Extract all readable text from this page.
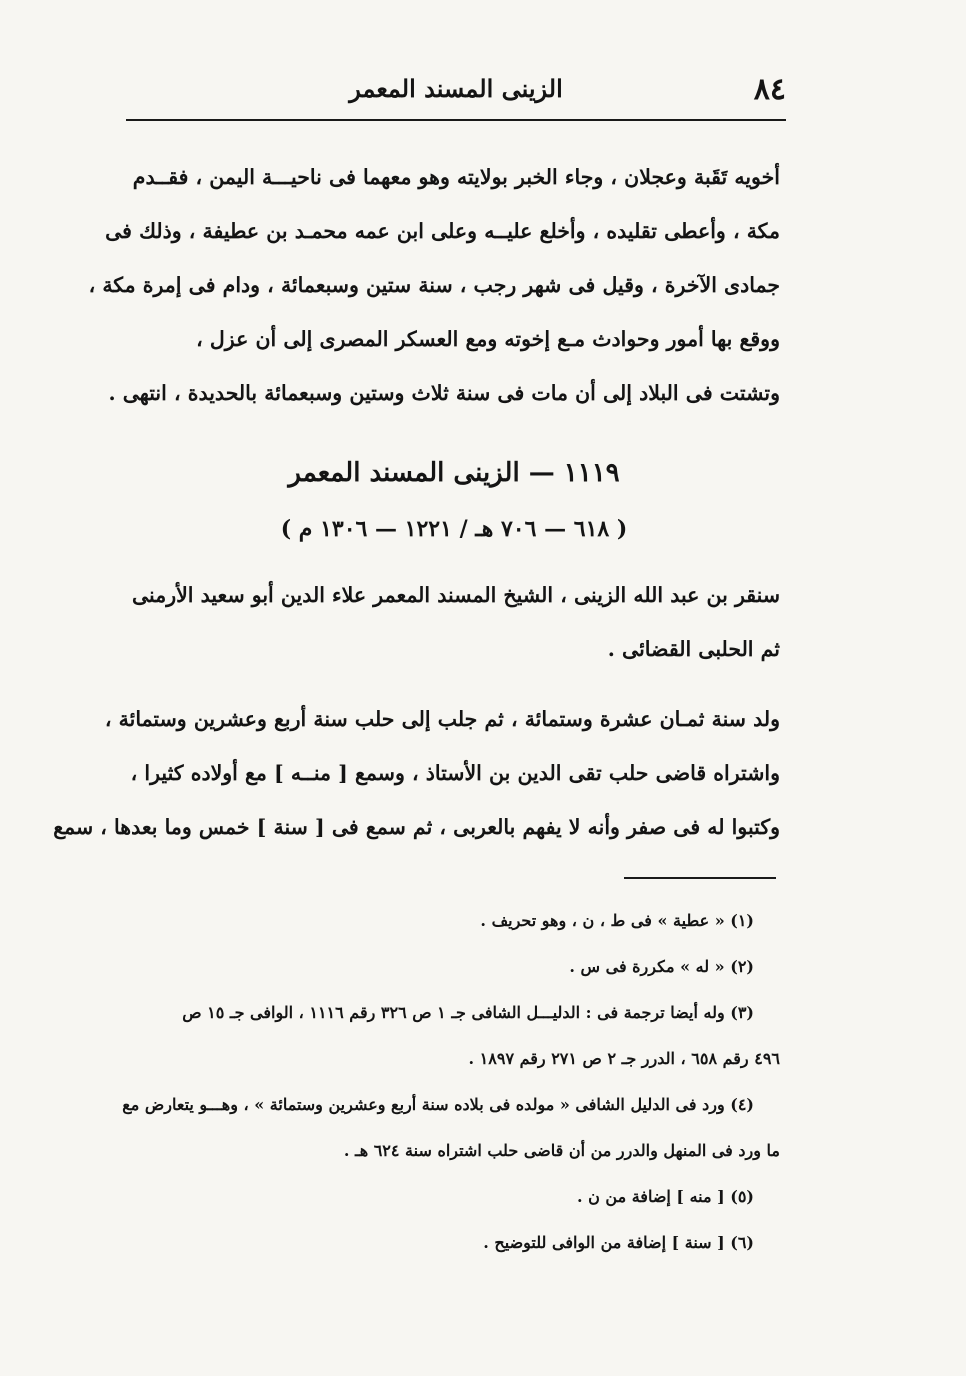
٨٤
الزينى المسند المعمر
أخويه تَقَبة وعجلان ، وجاء الخبر بولايته وهو معهما فى ناحيـــة اليمن ، فقــدم
مكة ، وأعطى تقليده ، وأخلع عليــه وعلى ابن عمه محمـد بن عطيفة ، وذلك فى
جمادى الآخرة ، وقيل فى شهر رجب ، سنة ستين وسبعمائة ، ودام فى إمرة مكة ،
ووقع بها أمور وحوادث مـع إخوته ومع العسكر المصرى إلى أن عزل ،
وتشتت فى البلاد إلى أن مات فى سنة ثلاث وستين وسبعمائة بالحديدة ، انتهى .
١١١٩ — الزينى المسند المعمر
( ٦١٨ — ٧٠٦ هـ / ١٢٢١ — ١٣٠٦ م )
سنقر بن عبد الله الزينى ، الشيخ المسند المعمر علاء الدين أبو سعيد الأرمنى
ثم الحلبى القضائى .
ولد سنة ثمـان عشرة وستمائة ، ثم جلب إلى حلب سنة أربع وعشرين وستمائة ،
واشتراه قاضى حلب تقى الدين بن الأستاذ ، وسمع [ منــه ] مع أولاده كثيرا ،
وكتبوا له فى صفر وأنه لا يفهم بالعربى ، ثم سمع فى [ سنة ] خمس وما بعدها ، سمع
(١) « عطية » فى ط ، ن ، وهو تحريف .
(٢) « له » مكررة فى س .
(٣) وله أيضا ترجمة فى : الدليـــل الشافى جـ ١ ص ٣٢٦ رقم ١١١٦ ، الوافى جـ ١٥ ص
٤٩٦ رقم ٦٥٨ ، الدرر جـ ٢ ص ٢٧١ رقم ١٨٩٧ .
(٤) ورد فى الدليل الشافى « مولده فى بلاده سنة أربع وعشرين وستمائة » ، وهـــو يتعارض مع
ما ورد فى المنهل والدرر من أن قاضى حلب اشتراه سنة ٦٢٤ هـ .
(٥) [ منه ] إضافة من ن .
(٦) [ سنة ] إضافة من الوافى للتوضيح .
